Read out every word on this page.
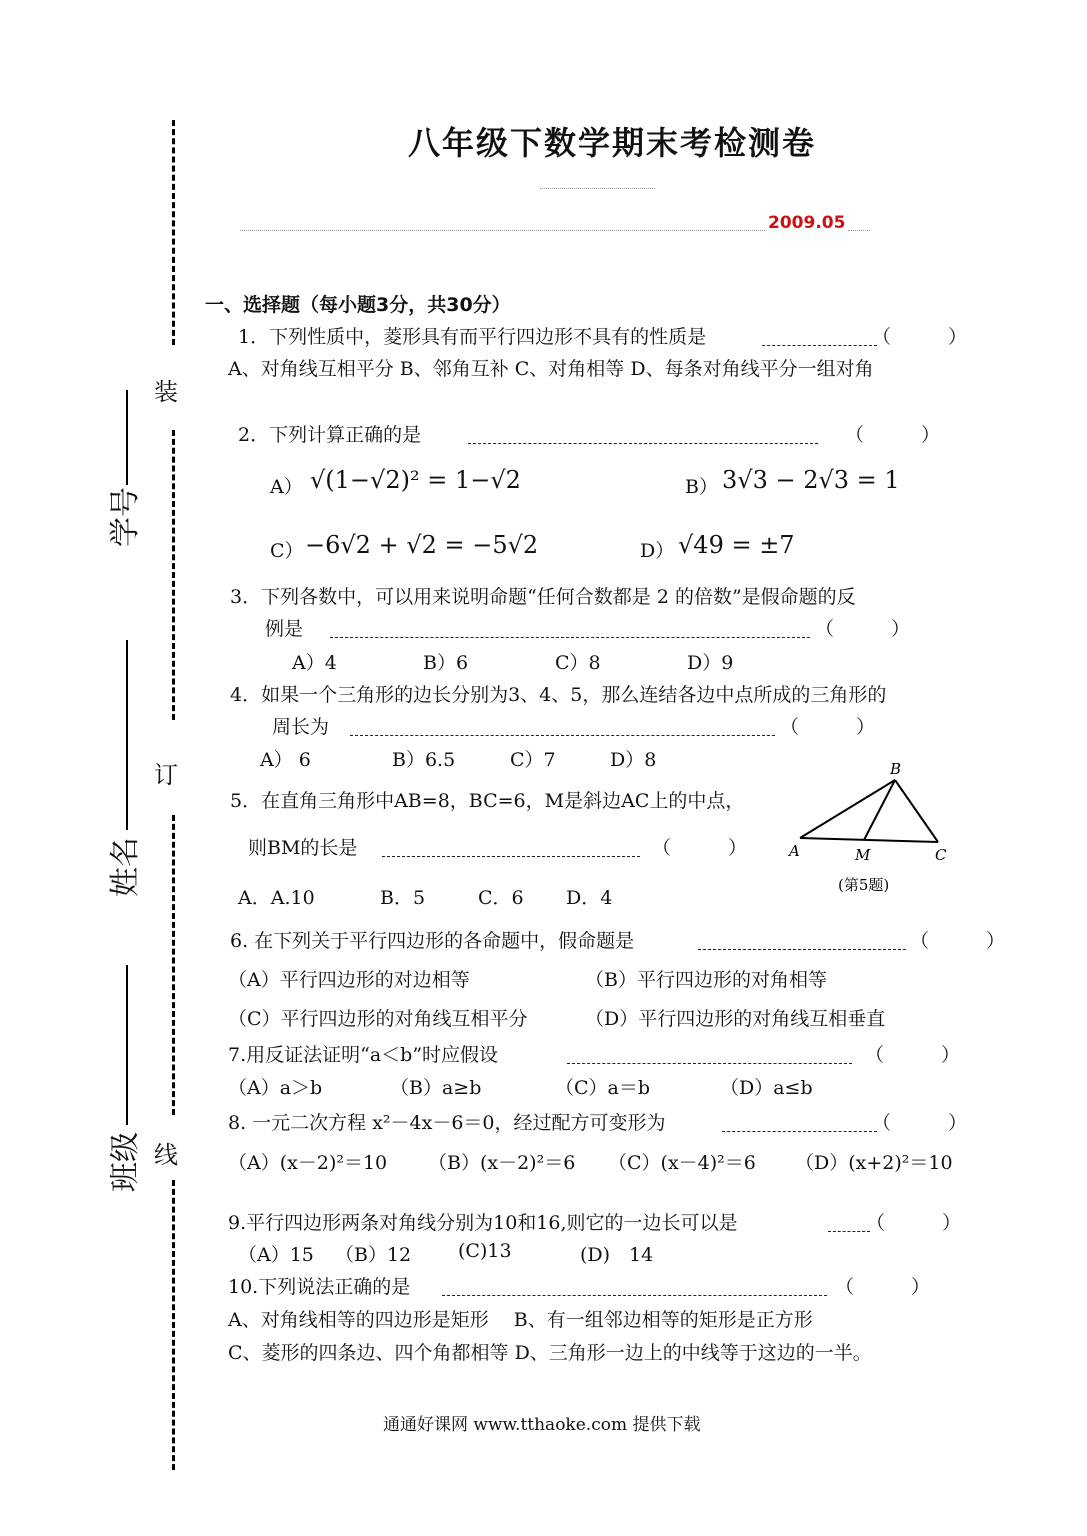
装
订
线
学号
姓名
班级
八年级下数学期末考检测卷
2009.05
一、选择题（每小题3分，共30分）
1．下列性质中，菱形具有而平行四边形不具有的性质是	（　　　）
A、对角线互相平分 B、邻角互补 C、对角相等 D、每条对角线平分一组对角
2．下列计算正确的是	（　　　）
A） √(1−√2)² = 1−√2	B） 3√3 − 2√3 = 1
C） −6√2 + √2 = −5√2	D） √49 = ±7
3．下列各数中，可以用来说明命题“任何合数都是 2 的倍数”是假命题的反
例是	（　　　）
A）4	B）6	C）8	D）9
4．如果一个三角形的边长分别为3、4、5，那么连结各边中点所成的三角形的
周长为	（　　　）
A） 6	B）6.5	C）7	D）8
5．在直角三角形中AB=8，BC=6，M是斜边AC上的中点，
则BM的长是	（　　　）
A．A.10	B．5	C．6 D．4
A
B
C
M
(第5题)
6. 在下列关于平行四边形的各命题中，假命题是	（　　　）
（A）平行四边形的对边相等	（B）平行四边形的对角相等
（C）平行四边形的对角线互相平分	（D）平行四边形的对角线互相垂直
7.用反证法证明“a＜b”时应假设	（　　　）
（A）a＞b	（B）a≥b	（C）a＝b	（D）a≤b
8. 一元二次方程 x²－4x－6＝0，经过配方可变形为	（　　　）
（A）(x－2)²＝10 （B）(x－2)²＝6 （C）(x－4)²＝6 （D）(x+2)²＝10
9.平行四边形两条对角线分别为10和16,则它的一边长可以是	（　　　）
（A）15 （B）12 (C)13	(D)　14
10.下列说法正确的是	（　　　）
A、对角线相等的四边形是矩形　 B、有一组邻边相等的矩形是正方形
C、菱形的四条边、四个角都相等 D、三角形一边上的中线等于这边的一半。
通通好课网 www.tthaoke.com 提供下载
